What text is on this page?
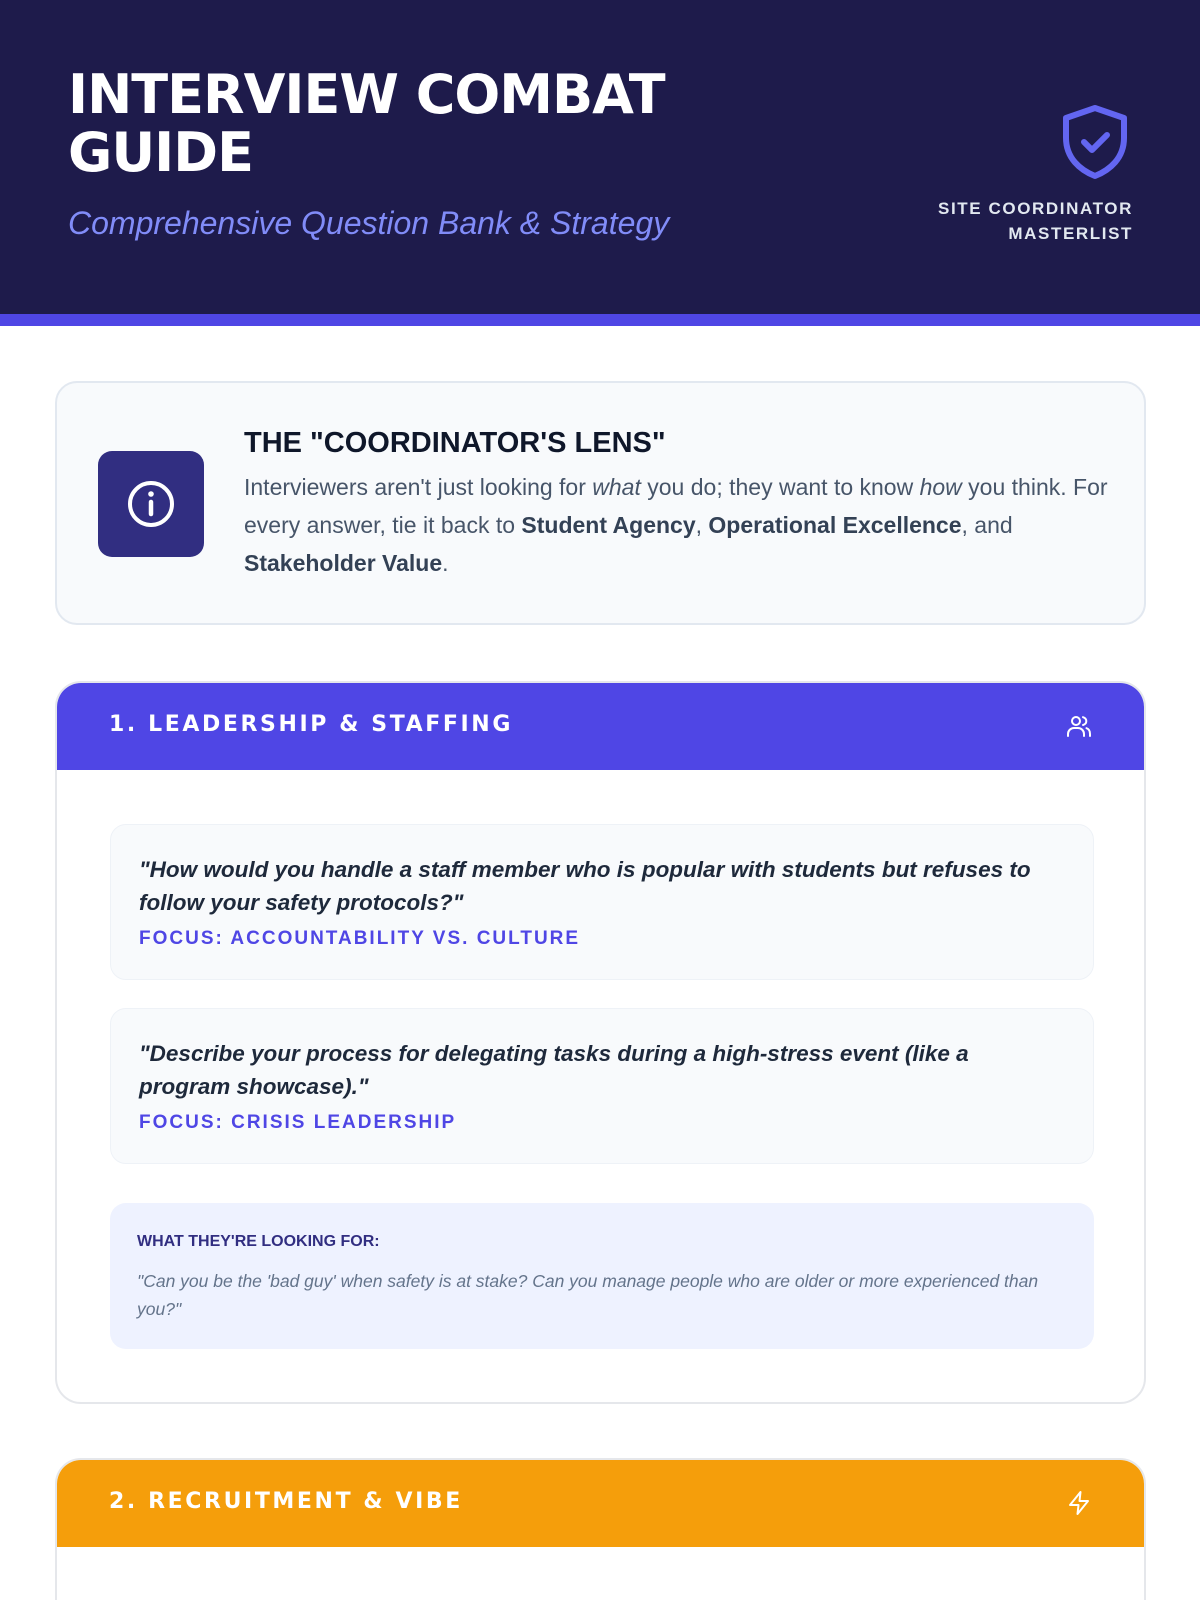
INTERVIEW COMBAT GUIDE
Comprehensive Question Bank & Strategy	SITE COORDINATOR
MASTERLIST
THE "COORDINATOR'S LENS"

Interviewers aren't just looking for what you do; they want to know how you think. For every answer, tie it back to Student Agency, Operational Excellence, and Stakeholder Value.

1. LEADERSHIP & STAFFING

"How would you handle a staff member who is popular with students but refuses to follow your safety protocols?"

FOCUS: ACCOUNTABILITY VS. CULTURE

"Describe your process for delegating tasks during a high-stress event (like a program showcase)."

FOCUS: CRISIS LEADERSHIP
WHAT THEY'RE LOOKING FOR:

"Can you be the 'bad guy' when safety is at stake? Can you manage people who are older or more experienced than you?"

2. RECRUITMENT & VIBE
